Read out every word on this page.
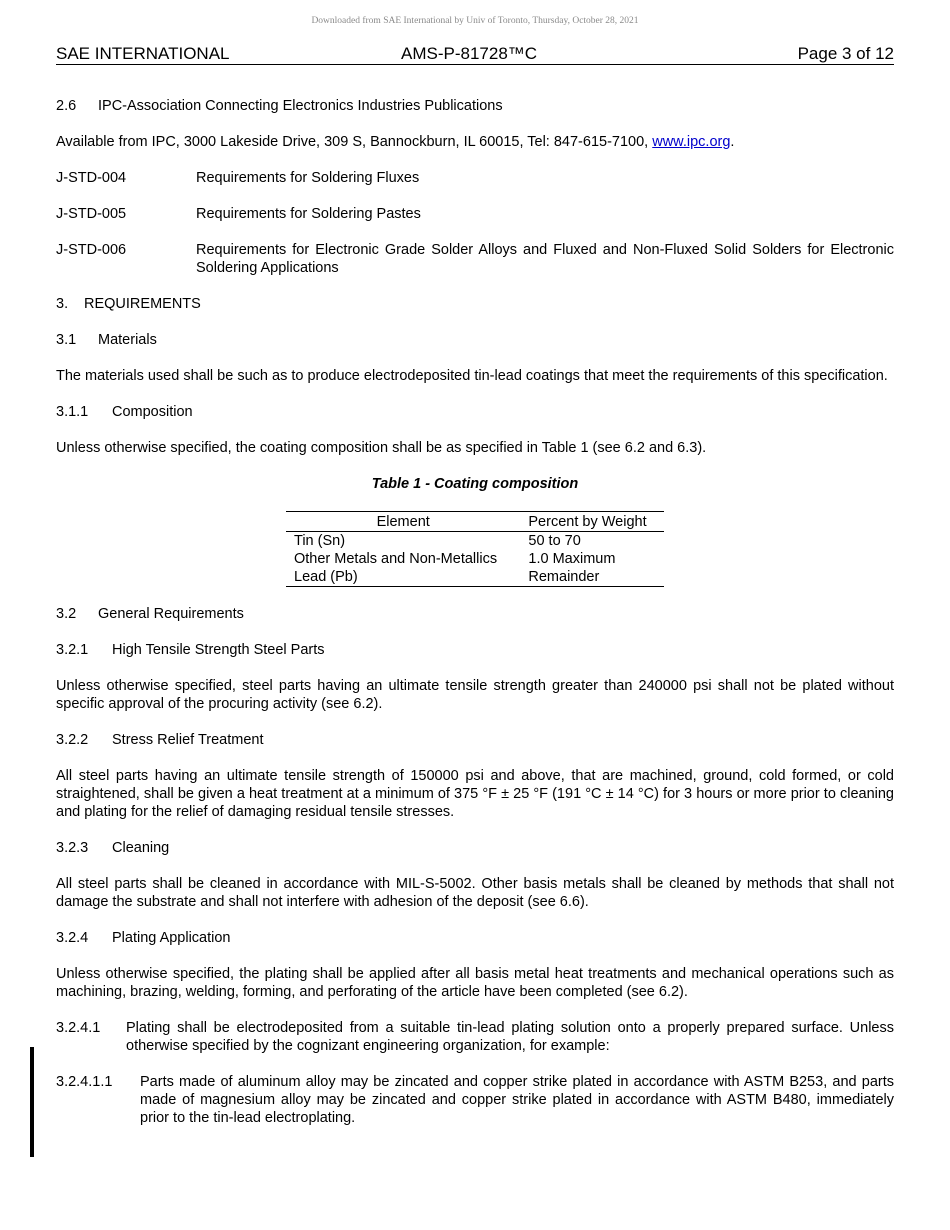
Downloaded from SAE International by Univ of Toronto, Thursday, October 28, 2021
SAE INTERNATIONAL	AMS-P-81728™C	Page 3 of 12
2.6	IPC-Association Connecting Electronics Industries Publications

Available from IPC, 3000 Lakeside Drive, 309 S, Bannockburn, IL 60015, Tel: 847-615-7100, www.ipc.org.

J-STD-004	Requirements for Soldering Fluxes
J-STD-005	Requirements for Soldering Pastes
J-STD-006	Requirements for Electronic Grade Solder Alloys and Fluxed and Non-Fluxed Solid Solders for Electronic Soldering Applications
3.	REQUIREMENTS
3.1	Materials

The materials used shall be such as to produce electrodeposited tin-lead coatings that meet the requirements of this specification.

3.1.1	Composition

Unless otherwise specified, the coating composition shall be as specified in Table 1 (see 6.2 and 6.3).

Table 1 - Coating composition
Element	Percent by Weight
Tin (Sn)	50 to 70
Other Metals and Non-Metallics	1.0 Maximum
Lead (Pb)	Remainder
3.2	General Requirements
3.2.1	High Tensile Strength Steel Parts

Unless otherwise specified, steel parts having an ultimate tensile strength greater than 240000 psi shall not be plated without specific approval of the procuring activity (see 6.2).

3.2.2	Stress Relief Treatment

All steel parts having an ultimate tensile strength of 150000 psi and above, that are machined, ground, cold formed, or cold straightened, shall be given a heat treatment at a minimum of 375 °F ± 25 °F (191 °C ± 14 °C) for 3 hours or more prior to cleaning and plating for the relief of damaging residual tensile stresses.

3.2.3	Cleaning

All steel parts shall be cleaned in accordance with MIL-S-5002. Other basis metals shall be cleaned by methods that shall not damage the substrate and shall not interfere with adhesion of the deposit (see 6.6).

3.2.4	Plating Application

Unless otherwise specified, the plating shall be applied after all basis metal heat treatments and mechanical operations such as machining, brazing, welding, forming, and perforating of the article have been completed (see 6.2).

3.2.4.1	Plating shall be electrodeposited from a suitable tin-lead plating solution onto a properly prepared surface. Unless otherwise specified by the cognizant engineering organization, for example:
3.2.4.1.1	Parts made of aluminum alloy may be zincated and copper strike plated in accordance with ASTM B253, and parts made of magnesium alloy may be zincated and copper strike plated in accordance with ASTM B480, immediately prior to the tin-lead electroplating.
